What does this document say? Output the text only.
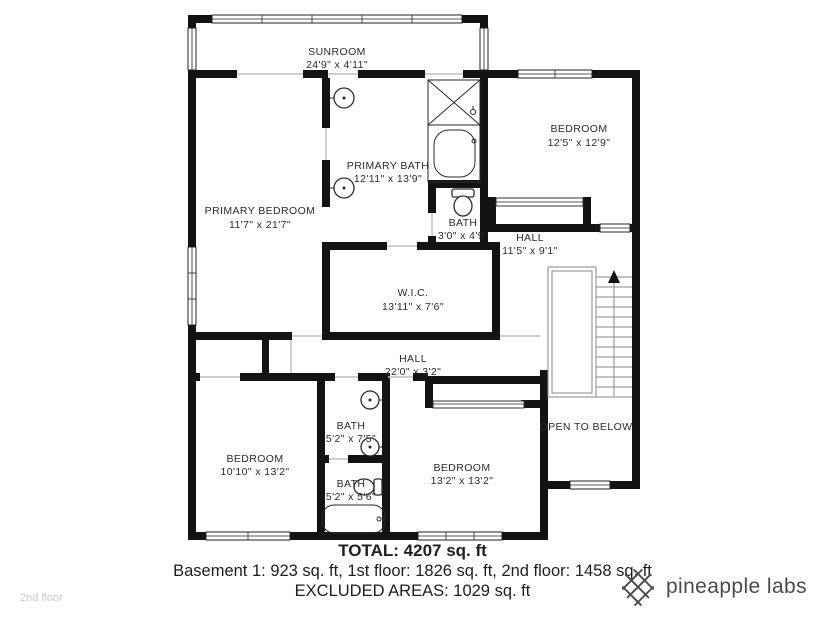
SUNROOM
24'9" x 4'11"
PRIMARY BATH
12'11" x 13'9"
BEDROOM
12'5" x 12'9"
PRIMARY BEDROOM
11'7" x 21'7"	BATH
3'0" x 4'9"	HALL
11'5" x 9'1"
W.I.C.
13'11" x 7'6"
HALL
22'0" x 3'2"
BEDROOM
10'10" x 13'2"
BATH
5'2" x 7'5"
BATH
5'2" x 5'6"
BEDROOM
13'2" x 13'2"
OPEN TO BELOW
TOTAL: 4207 sq. ft
Basement 1: 923 sq. ft, 1st floor: 1826 sq. ft, 2nd floor: 1458 sq. ft
EXCLUDED AREAS: 1029 sq. ft
2nd floor	pineapple labs
